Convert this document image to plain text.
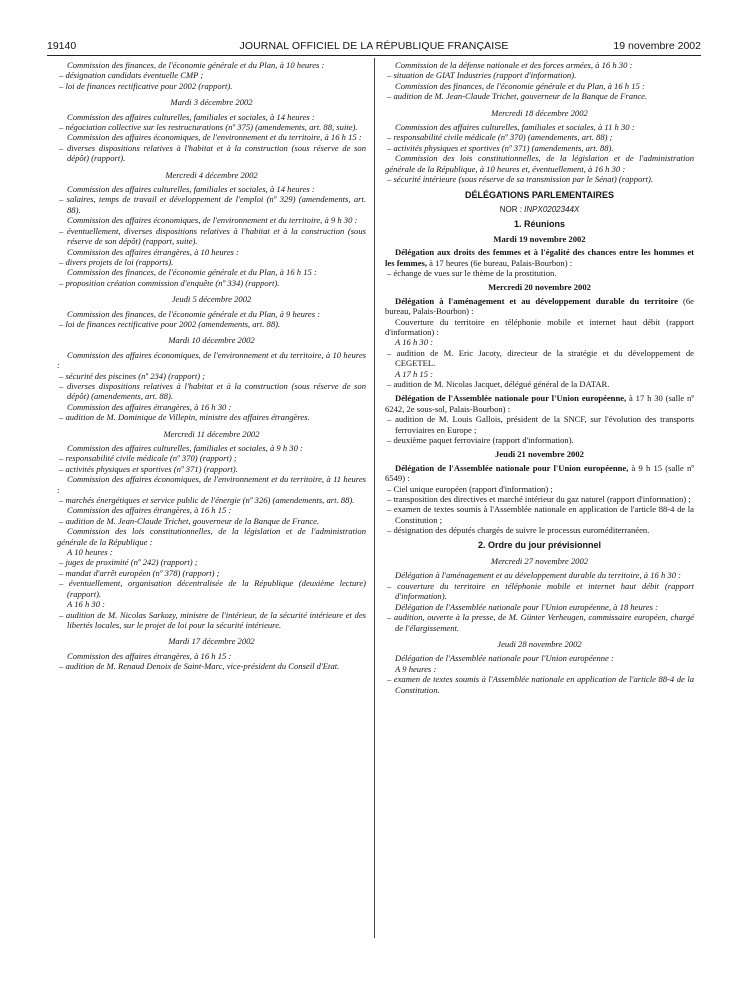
19140	JOURNAL OFFICIEL DE LA RÉPUBLIQUE FRANÇAISE	19 novembre 2002

Commission des finances, de l'économie générale et du Plan, à 10 heures :

– désignation candidats éventuelle CMP ;

– loi de finances rectificative pour 2002 (rapport).

Mardi 3 décembre 2002

Commission des affaires culturelles, familiales et sociales, à 14 heures :

– négociation collective sur les restructurations (nº 375) (amendements, art. 88, suite).

Commission des affaires économiques, de l'environnement et du territoire, à 16 h 15 :

– diverses dispositions relatives à l'habitat et à la construction (sous réserve de son dépôt) (rapport).

Mercredi 4 décembre 2002

Commission des affaires culturelles, familiales et sociales, à 14 heures :

– salaires, temps de travail et développement de l'emploi (nº 329) (amendements, art. 88).

Commission des affaires économiques, de l'environnement et du territoire, à 9 h 30 :

– éventuellement, diverses dispositions relatives à l'habitat et à la construction (sous réserve de son dépôt) (rapport, suite).

Commission des affaires étrangères, à 10 heures :

– divers projets de loi (rapports).

Commission des finances, de l'économie générale et du Plan, à 16 h 15 :

– proposition création commission d'enquête (nº 334) (rapport).

Jeudi 5 décembre 2002

Commission des finances, de l'économie générale et du Plan, à 9 heures :

– loi de finances rectificative pour 2002 (amendements, art. 88).

Mardi 10 décembre 2002

Commission des affaires économiques, de l'environnement et du territoire, à 10 heures :

– sécurité des piscines (nº 234) (rapport) ;

– diverses dispositions relatives à l'habitat et à la construction (sous réserve de son dépôt) (amendements, art. 88).

Commission des affaires étrangères, à 16 h 30 :

– audition de M. Dominique de Villepin, ministre des affaires étrangères.

Mercredi 11 décembre 2002

Commission des affaires culturelles, familiales et sociales, à 9 h 30 :

– responsabilité civile médicale (nº 370) (rapport) ;

– activités physiques et sportives (nº 371) (rapport).

Commission des affaires économiques, de l'environnement et du territoire, à 11 heures :

– marchés énergétiques et service public de l'énergie (nº 326) (amendements, art. 88).

Commission des affaires étrangères, à 16 h 15 :

– audition de M. Jean-Claude Trichet, gouverneur de la Banque de France.

Commission des lois constitutionnelles, de la législation et de l'administration générale de la République :

A 10 heures :

– juges de proximité (nº 242) (rapport) ;

– mandat d'arrêt européen (nº 378) (rapport) ;

– éventuellement, organisation décentralisée de la République (deuxième lecture) (rapport).

A 16 h 30 :

– audition de M. Nicolas Sarkozy, ministre de l'intérieur, de la sécurité intérieure et des libertés locales, sur le projet de loi pour la sécurité intérieure.

Mardi 17 décembre 2002

Commission des affaires étrangères, à 16 h 15 :

– audition de M. Renaud Denoix de Saint-Marc, vice-président du Conseil d'Etat.

Commission de la défense nationale et des forces armées, à 16 h 30 :

– situation de GIAT Industries (rapport d'information).

Commission des finances, de l'économie générale et du Plan, à 16 h 15 :

– audition de M. Jean-Claude Trichet, gouverneur de la Banque de France.

Mercredi 18 décembre 2002

Commission des affaires culturelles, familiales et sociales, à 11 h 30 :

– responsabilité civile médicale (nº 370) (amendements, art. 88) ;

– activités physiques et sportives (nº 371) (amendements, art. 88).

Commission des lois constitutionnelles, de la législation et de l'administration générale de la République, à 10 heures et, éventuellement, à 16 h 30 :

– sécurité intérieure (sous réserve de sa transmission par le Sénat) (rapport).

DÉLÉGATIONS PARLEMENTAIRES

NOR : INPX0202344X

1. Réunions

Mardi 19 novembre 2002

Délégation aux droits des femmes et à l'égalité des chances entre les hommes et les femmes, à 17 heures (6e bureau, Palais-Bourbon) :

– échange de vues sur le thème de la prostitution.

Mercredi 20 novembre 2002

Délégation à l'aménagement et au développement durable du territoire (6e bureau, Palais-Bourbon) :

Couverture du territoire en téléphonie mobile et internet haut débit (rapport d'information) :

A 16 h 30 :

– audition de M. Eric Jacoty, directeur de la stratégie et du développement de CEGETEL.

A 17 h 15 :

– audition de M. Nicolas Jacquet, délégué général de la DATAR.

Délégation de l'Assemblée nationale pour l'Union européenne, à 17 h 30 (salle nº 6242, 2e sous-sol, Palais-Bourbon) :

– audition de M. Louis Gallois, président de la SNCF, sur l'évolution des transports ferroviaires en Europe ;

– deuxième paquet ferroviaire (rapport d'information).

Jeudi 21 novembre 2002

Délégation de l'Assemblée nationale pour l'Union européenne, à 9 h 15 (salle nº 6549) :

– Ciel unique européen (rapport d'information) ;

– transposition des directives et marché intérieur du gaz naturel (rapport d'information) ;

– examen de textes soumis à l'Assemblée nationale en application de l'article 88-4 de la Constitution ;

– désignation des députés chargés de suivre le processus euroméditerranéen.

2. Ordre du jour prévisionnel

Mercredi 27 novembre 2002

Délégation à l'aménagement et au développement durable du territoire, à 16 h 30 :

– couverture du territoire en téléphonie mobile et internet haut débit (rapport d'information).

Délégation de l'Assemblée nationale pour l'Union européenne, à 18 heures :

– audition, ouverte à la presse, de M. Günter Verheugen, commissaire européen, chargé de l'élargissement.

Jeudi 28 novembre 2002

Délégation de l'Assemblée nationale pour l'Union européenne :

A 9 heures :

– examen de textes soumis à l'Assemblée nationale en application de l'article 88-4 de la Constitution.
